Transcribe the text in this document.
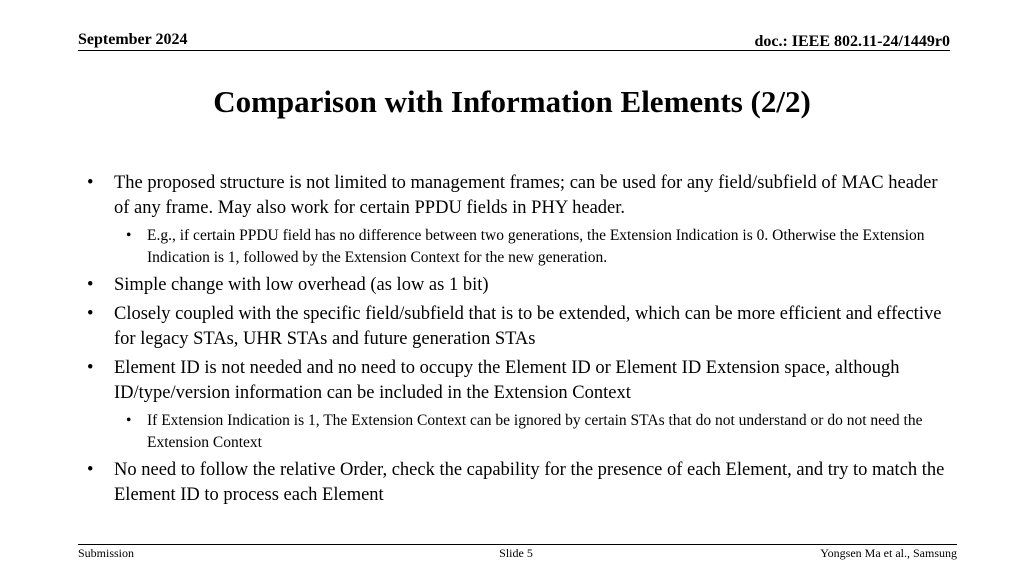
September 2024	doc.: IEEE 802.11-24/1449r0
Comparison with Information Elements (2/2)
• The proposed structure is not limited to management frames; can be used for any field/subfield of MAC header of any frame. May also work for certain PPDU fields in PHY header.
• E.g., if certain PPDU field has no difference between two generations, the Extension Indication is 0. Otherwise the Extension Indication is 1, followed by the Extension Context for the new generation.
• Simple change with low overhead (as low as 1 bit)
• Closely coupled with the specific field/subfield that is to be extended, which can be more efficient and effective for legacy STAs, UHR STAs and future generation STAs
• Element ID is not needed and no need to occupy the Element ID or Element ID Extension space, although ID/type/version information can be included in the Extension Context
• If Extension Indication is 1, The Extension Context can be ignored by certain STAs that do not understand or do not need the Extension Context
• No need to follow the relative Order, check the capability for the presence of each Element, and try to match the Element ID to process each Element
Submission	Slide 5	Yongsen Ma et al., Samsung
